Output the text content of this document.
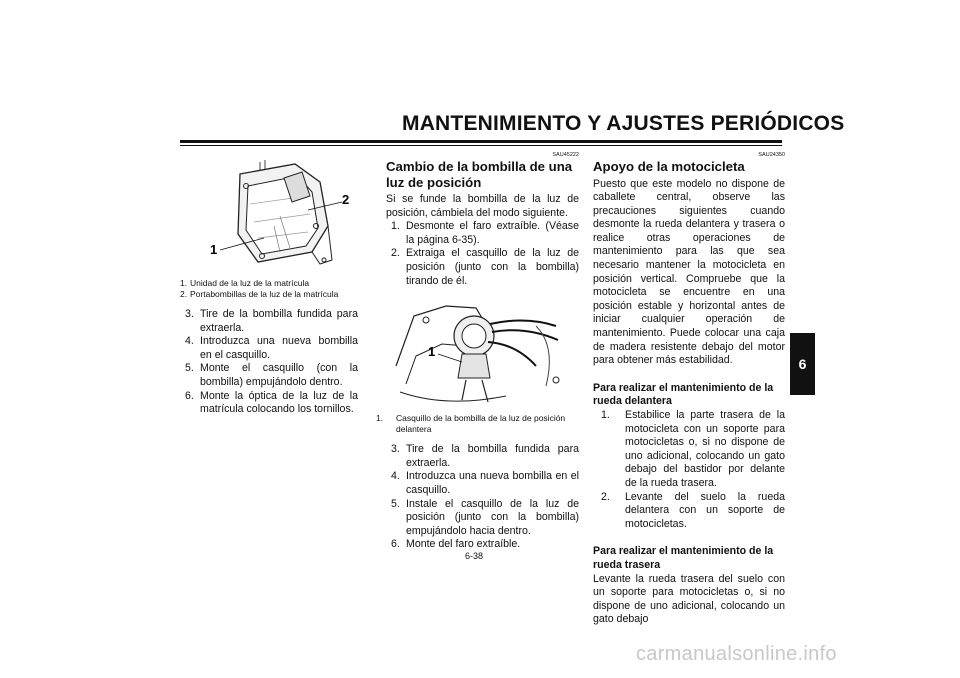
MANTENIMIENTO Y AJUSTES PERIÓDICOS
6
1
2
1. Unidad de la luz de la matrícula
2. Portabombillas de la luz de la matrícula
3. Tire de la bombilla fundida para extraerla.
4. Introduzca una nueva bombilla en el casquillo.
5. Monte el casquillo (con la bombilla) empujándolo dentro.
6. Monte la óptica de la luz de la matrícula colocando los tornillos.
SAU45222
Cambio de la bombilla de una luz de posición

Si se funde la bombilla de la luz de posición, cámbiela del modo siguiente.

1. Desmonte el faro extraíble. (Véase la página 6-35).
2. Extraiga el casquillo de la luz de posición (junto con la bombilla) tirando de él.
1
1. Casquillo de la bombilla de la luz de posición delantera
3. Tire de la bombilla fundida para extraerla.
4. Introduzca una nueva bombilla en el casquillo.
5. Instale el casquillo de la luz de posición (junto con la bombilla) empujándolo hacia dentro.
6. Monte del faro extraíble.
SAU24350
Apoyo de la motocicleta

Puesto que este modelo no dispone de caballete central, observe las precauciones siguientes cuando desmonte la rueda delantera y trasera o realice otras operaciones de mantenimiento para las que sea necesario mantener la motocicleta en posición vertical. Compruebe que la motocicleta se encuentre en una posición estable y horizontal antes de iniciar cualquier operación de mantenimiento. Puede colocar una caja de madera resistente debajo del motor para obtener más estabilidad.

Para realizar el mantenimiento de la rueda delantera
1. Estabilice la parte trasera de la motocicleta con un soporte para motocicletas o, si no dispone de uno adicional, colocando un gato debajo del bastidor por delante de la rueda trasera.
2. Levante del suelo la rueda delantera con un soporte de motocicletas.
Para realizar el mantenimiento de la rueda trasera

Levante la rueda trasera del suelo con un soporte para motocicletas o, si no dispone de uno adicional, colocando un gato debajo

6-38
carmanualsonline.info
